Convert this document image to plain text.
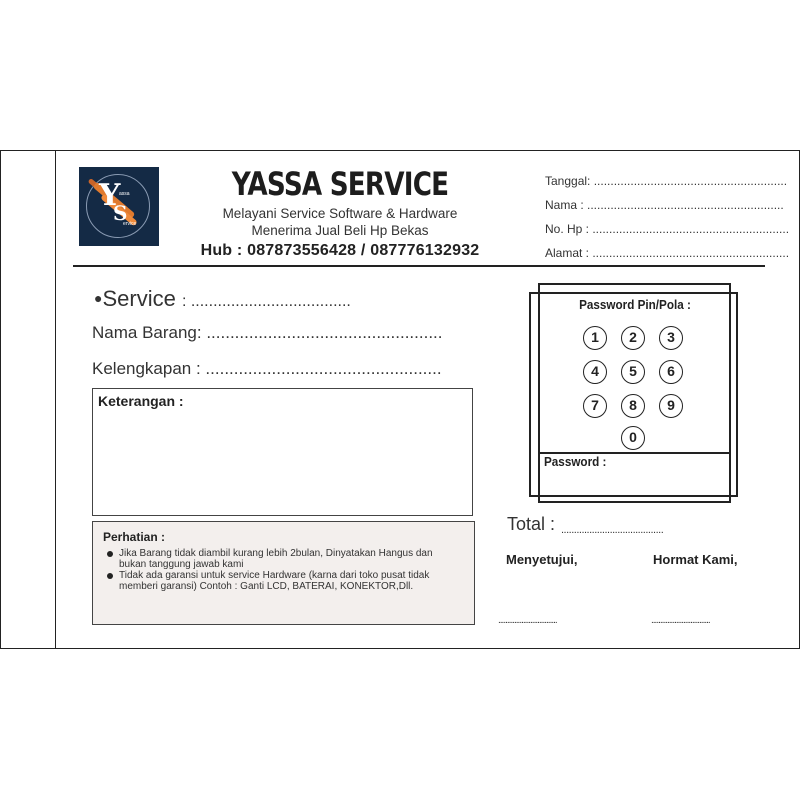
Y
S
assa
ervice
YASSA SERVICE
Melayani Service Software & Hardware
Menerima Jual Beli Hp Bekas
Hub : 087873556428 / 087776132932
Tanggal: ..........................................................
Nama : ...........................................................
No. Hp : ...........................................................
Alamat : ...........................................................
●Service : ....................................
Nama Barang: ..................................................
Kelengkapan : ..................................................
Keterangan :
Perhatian :
Jika Barang tidak diambil kurang lebih 2bulan, Dinyatakan Hangus dan bukan tanggung jawab kami
Tidak ada garansi untuk service Hardware (karna dari toko pusat tidak memberi garansi) Contoh : Ganti LCD, BATERAI, KONEKTOR,Dll.
Password Pin/Pola :
1	2	3
4	5	6
7	8	9
0
Password :
Total : ........................................
Menyetujui,	Hormat Kami,
.................................	.................................
